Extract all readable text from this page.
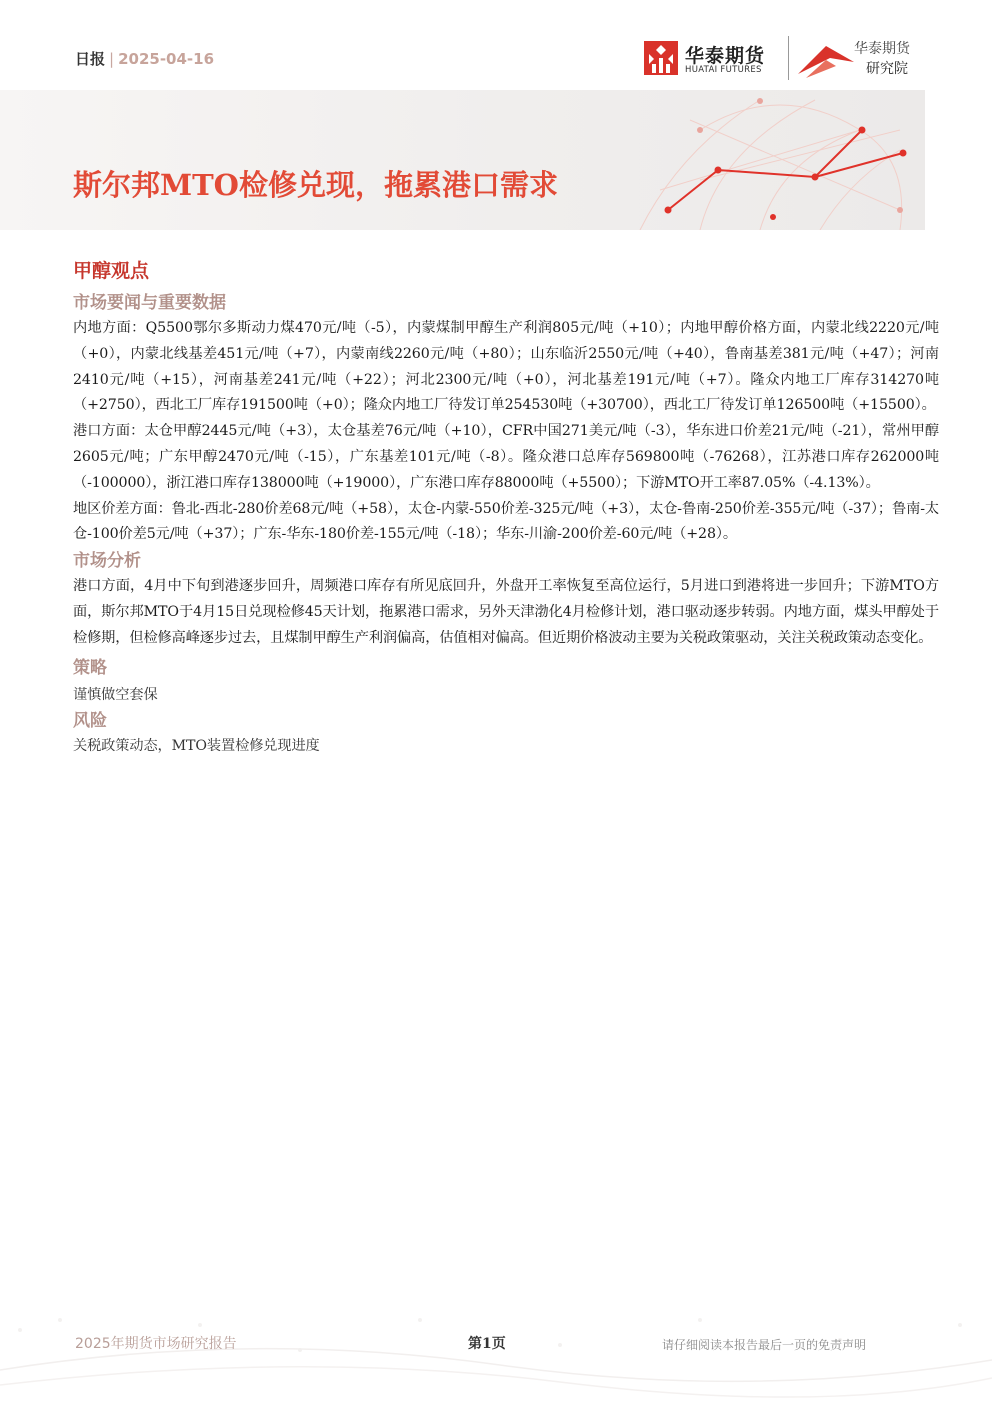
日报 | 2025-04-16	华泰期货
HUATAI FUTURES
华泰期货
研究院
斯尔邦MTO检修兑现，拖累港口需求
甲醇观点
市场要闻与重要数据

内地方面：Q5500鄂尔多斯动力煤470元/吨（-5），内蒙煤制甲醇生产利润805元/吨（+10）；内地甲醇价格方面，内蒙北线2220元/吨（+0），内蒙北线基差451元/吨（+7），内蒙南线2260元/吨（+80）；山东临沂2550元/吨（+40），鲁南基差381元/吨（+47）；河南2410元/吨（+15），河南基差241元/吨（+22）；河北2300元/吨（+0），河北基差191元/吨（+7）。隆众内地工厂库存314270吨（+2750），西北工厂库存191500吨（+0）；隆众内地工厂待发订单254530吨（+30700），西北工厂待发订单126500吨（+15500）。

港口方面：太仓甲醇2445元/吨（+3），太仓基差76元/吨（+10），CFR中国271美元/吨（-3），华东进口价差21元/吨（-21），常州甲醇2605元/吨；广东甲醇2470元/吨（-15），广东基差101元/吨（-8）。隆众港口总库存569800吨（-76268），江苏港口库存262000吨（-100000），浙江港口库存138000吨（+19000），广东港口库存88000吨（+5500）；下游MTO开工率87.05%（-4.13%）。

地区价差方面：鲁北-西北-280价差68元/吨（+58），太仓-内蒙-550价差-325元/吨（+3），太仓-鲁南-250价差-355元/吨（-37）；鲁南-太仓-100价差5元/吨（+37）；广东-华东-180价差-155元/吨（-18）；华东-川渝-200价差-60元/吨（+28）。

市场分析

港口方面，4月中下旬到港逐步回升，周频港口库存有所见底回升，外盘开工率恢复至高位运行，5月进口到港将进一步回升；下游MTO方面，斯尔邦MTO于4月15日兑现检修45天计划，拖累港口需求，另外天津渤化4月检修计划，港口驱动逐步转弱。内地方面，煤头甲醇处于检修期，但检修高峰逐步过去，且煤制甲醇生产利润偏高，估值相对偏高。但近期价格波动主要为关税政策驱动，关注关税政策动态变化。

策略

谨慎做空套保

风险

关税政策动态，MTO装置检修兑现进度

2025年期货市场研究报告	第1页	请仔细阅读本报告最后一页的免责声明
